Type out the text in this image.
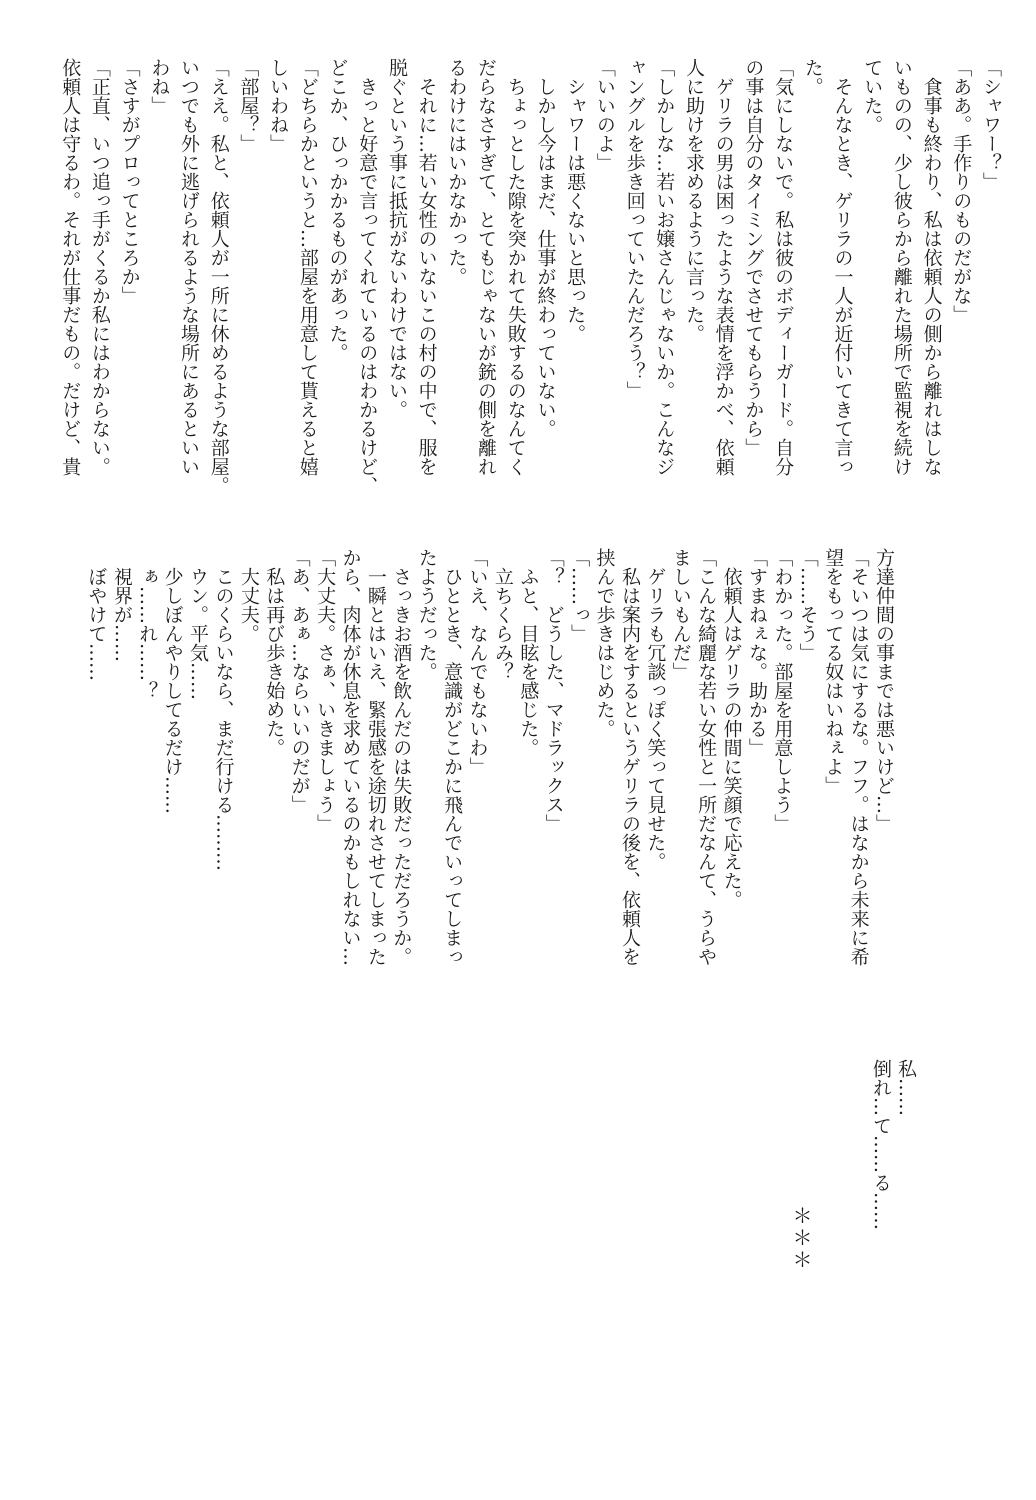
「シャワー？」
「ああ。手作りのものだがな」
　食事も終わり、私は依頼人の側から離れはしな
いものの、少し彼らから離れた場所で監視を続け
ていた。
　そんなとき、ゲリラの一人が近付いてきて言っ
た。
「気にしないで。私は彼のボディーガード。自分
の事は自分のタイミングでさせてもらうから」
　ゲリラの男は困ったような表情を浮かべ、依頼
人に助けを求めるように言った。
「しかしな…若いお嬢さんじゃないか。こんなジ
ャングルを歩き回っていたんだろう？」
「いいのよ」
　シャワーは悪くないと思った。
　しかし今はまだ、仕事が終わっていない。
　ちょっとした隙を突かれて失敗するのなんてく
だらなさすぎて、とてもじゃないが銃の側を離れ
るわけにはいかなかった。
　それに…若い女性のいないこの村の中で、服を
脱ぐという事に抵抗がないわけではない。
　きっと好意で言ってくれているのはわかるけど、
どこか、ひっかかるものがあった。
「どちらかというと…部屋を用意して貰えると嬉
しいわね」
「部屋？」
「ええ。私と、依頼人が一所に休めるような部屋。
いつでも外に逃げられるような場所にあるといい
わね」
「さすがプロってところか」
「正直、いつ追っ手がくるか私にはわからない。
依頼人は守るわ。それが仕事だもの。だけど、貴
方達仲間の事までは悪いけど…」
「そいつは気にするな。フフ。はなから未来に希
望をもってる奴はいねぇよ」
「……そう」
「わかった。部屋を用意しよう」
「すまねぇな。助かる」
　依頼人はゲリラの仲間に笑顔で応えた。
「こんな綺麗な若い女性と一所だなんて、うらや
ましいもんだ」
　ゲリラも冗談っぽく笑って見せた。
　私は案内をするというゲリラの後を、依頼人を
挟んで歩きはじめた。
「……っ」
「？　どうした、マドラックス」
　ふと、目眩を感じた。
　立ちくらみ？
「いえ、なんでもないわ」
　ひととき、意識がどこかに飛んでいってしまっ
たようだった。
　さっきお酒を飲んだのは失敗だっただろうか。
　一瞬とはいえ、緊張感を途切れさせてしまった
から、肉体が休息を求めているのかもしれない…
「大丈夫。さぁ、いきましょう」
「あ、あぁ…ならいいのだが」
　私は再び歩き始めた。
　大丈夫。
　このくらいなら、まだ行ける………
　ウン。平気……
　少しぼんやりしてるだけ……
　ぁ……れ……？
　視界が……
　ぼやけて……
　私……
　倒れ…て……る……
＊＊＊
